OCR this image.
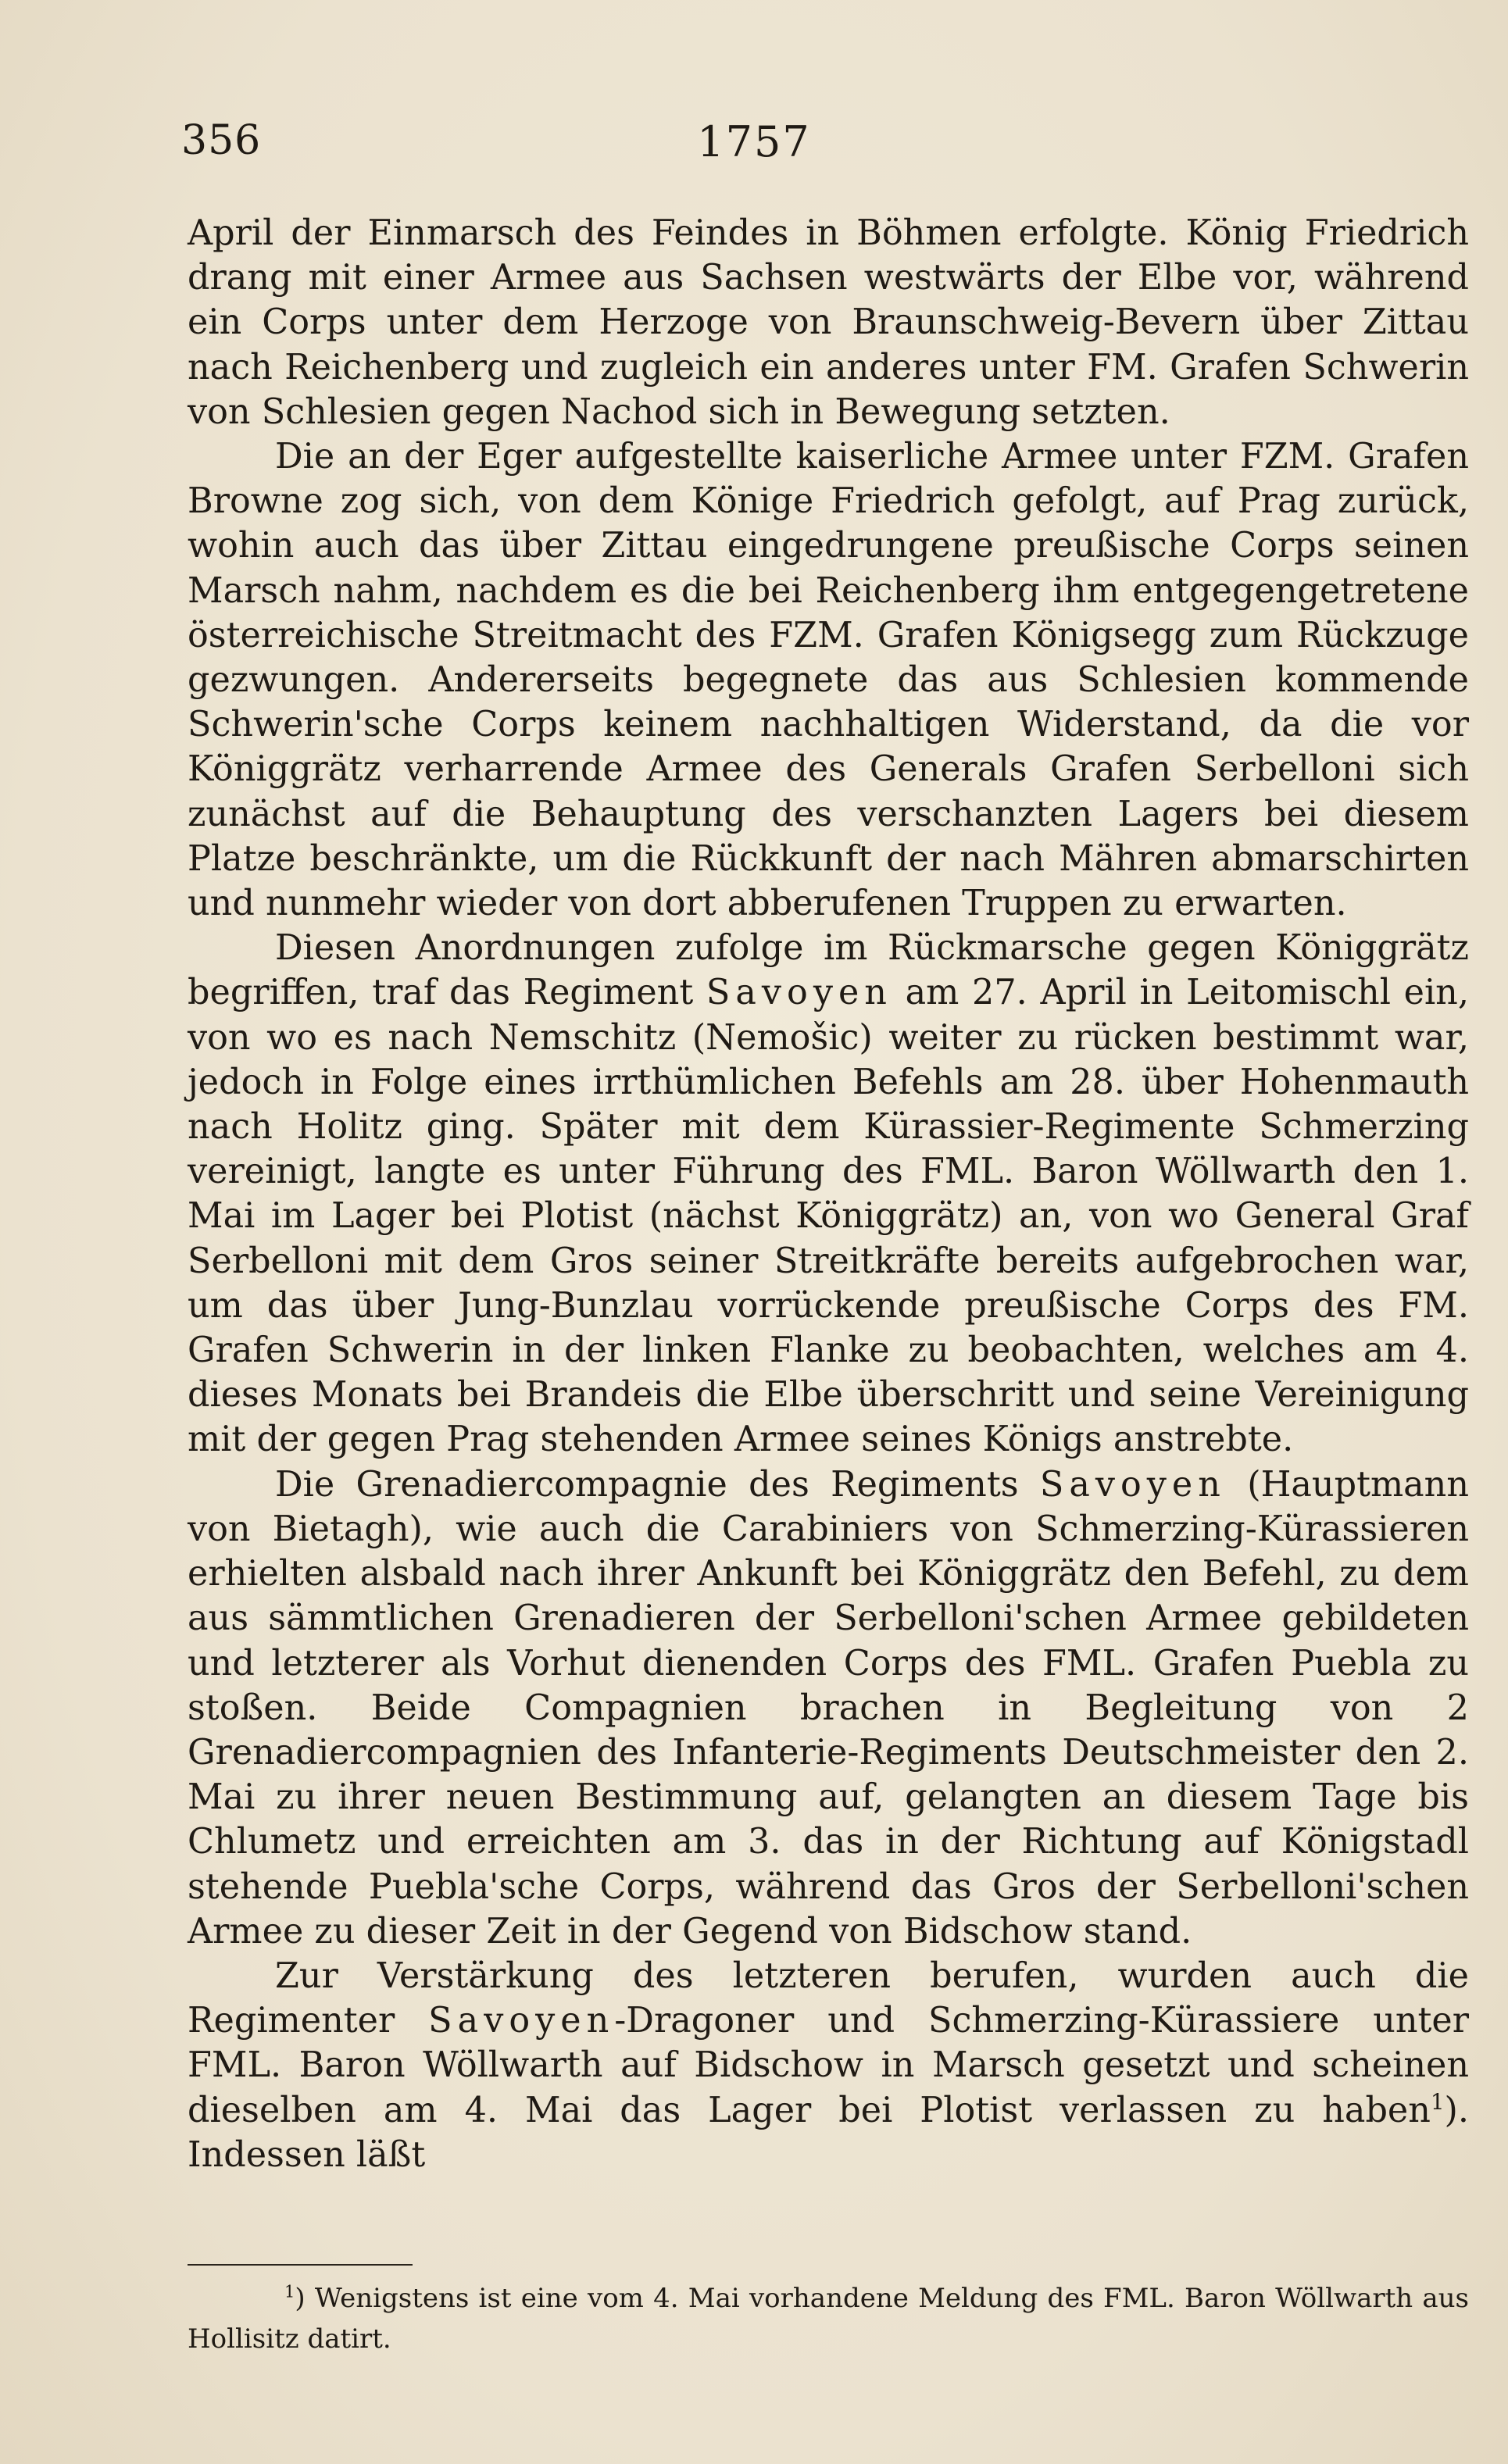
356	1757

April der Einmarsch des Feindes in Böhmen erfolgte. König Friedrich drang mit einer Armee aus Sachsen westwärts der Elbe vor, während ein Corps unter dem Herzoge von Braunschweig-Bevern über Zittau nach Reichenberg und zugleich ein anderes unter FM. Grafen Schwerin von Schlesien gegen Nachod sich in Bewegung setzten.

Die an der Eger aufgestellte kaiserliche Armee unter FZM. Grafen Browne zog sich, von dem Könige Friedrich gefolgt, auf Prag zurück, wohin auch das über Zittau eingedrungene preußische Corps seinen Marsch nahm, nachdem es die bei Reichenberg ihm entgegengetretene österreichische Streitmacht des FZM. Grafen Königsegg zum Rückzuge gezwungen. Andererseits begegnete das aus Schlesien kommende Schwerin'sche Corps keinem nachhaltigen Widerstand, da die vor Königgrätz verharrende Armee des Generals Grafen Serbelloni sich zunächst auf die Behauptung des verschanzten Lagers bei diesem Platze beschränkte, um die Rückkunft der nach Mähren abmarschirten und nunmehr wieder von dort abberufenen Truppen zu erwarten.

Diesen Anordnungen zufolge im Rückmarsche gegen Königgrätz begriffen, traf das Regiment Savoyen am 27. April in Leitomischl ein, von wo es nach Nemschitz (Nemošic) weiter zu rücken bestimmt war, jedoch in Folge eines irrthümlichen Befehls am 28. über Hohenmauth nach Holitz ging. Später mit dem Kürassier-Regimente Schmerzing vereinigt, langte es unter Führung des FML. Baron Wöllwarth den 1. Mai im Lager bei Plotist (nächst Königgrätz) an, von wo General Graf Serbelloni mit dem Gros seiner Streitkräfte bereits aufgebrochen war, um das über Jung-Bunzlau vorrückende preußische Corps des FM. Grafen Schwerin in der linken Flanke zu beobachten, welches am 4. dieses Monats bei Brandeis die Elbe überschritt und seine Vereinigung mit der gegen Prag stehenden Armee seines Königs anstrebte.

Die Grenadiercompagnie des Regiments Savoyen (Hauptmann von Bietagh), wie auch die Carabiniers von Schmerzing-Kürassieren erhielten alsbald nach ihrer Ankunft bei Königgrätz den Befehl, zu dem aus sämmtlichen Grenadieren der Serbelloni'schen Armee gebildeten und letzterer als Vorhut dienenden Corps des FML. Grafen Puebla zu stoßen. Beide Compagnien brachen in Begleitung von 2 Grenadiercompagnien des Infanterie-Regiments Deutschmeister den 2. Mai zu ihrer neuen Bestimmung auf, gelangten an diesem Tage bis Chlumetz und erreichten am 3. das in der Richtung auf Königstadl stehende Puebla'sche Corps, während das Gros der Serbelloni'schen Armee zu dieser Zeit in der Gegend von Bidschow stand.

Zur Verstärkung des letzteren berufen, wurden auch die Regimenter Savoyen-Dragoner und Schmerzing-Kürassiere unter FML. Baron Wöllwarth auf Bidschow in Marsch gesetzt und scheinen dieselben am 4. Mai das Lager bei Plotist verlassen zu haben$^1$). Indessen läßt

$^1$) Wenigstens ist eine vom 4. Mai vorhandene Meldung des FML. Baron Wöllwarth aus Hollisitz datirt.
